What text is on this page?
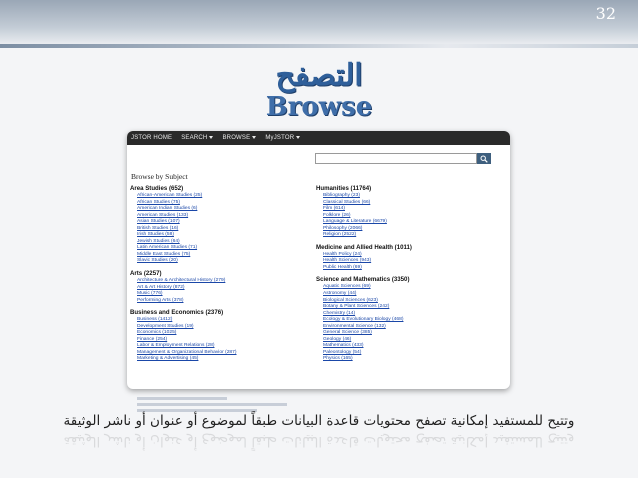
32
التصفح
Browse
JSTOR HOME SEARCH	BROWSE	MyJSTOR
Browse by Subject
Area Studies (652)
African-American Studies (25)
African Studies (75)
American Indian Studies (6)
American Studies (133)
Asian Studies (107)
British Studies (16)
Irish Studies (58)
Jewish Studies (64)
Latin American Studies (71)
Middle East Studies (75)
Slavic Studies (20)
Arts (2257)
Architecture & Architectural History (279)
Art & Art History (872)
Music (776)
Performing Arts (378)
Business and Economics (2376)
Business (1412)
Development Studies (19)
Economics (1025)
Finance (254)
Labor & Employment Relations (28)
Management & Organizational Behavior (287)
Marketing & Advertising (45)
Humanities (11764)
Bibliography (23)
Classical Studies (66)
Film (614)
Folklore (26)
Language & Literature (6679)
Philosophy (2066)
Religion (2522)
Medicine and Allied Health (1011)
Health Policy (24)
Health Sciences (943)
Public Health (69)
Science and Mathematics (3350)
Aquatic Sciences (69)
Astronomy (44)
Biological Sciences (623)
Botany & Plant Sciences (242)
Chemistry (14)
Ecology & Evolutionary Biology (468)
Environmental Science (132)
General Science (385)
Geology (46)
Mathematics (433)
Paleontology (54)
Physics (165)
وتتيح للمستفيد إمكانية تصفح محتويات قاعدة البيانات طبقاً لموضوع أو عنوان أو ناشر الوثيقة
وتتيح للمستفيد إمكانية تصفح محتويات قاعدة البيانات طبقاً لموضوع أو عنوان أو ناشر الوثيقة
